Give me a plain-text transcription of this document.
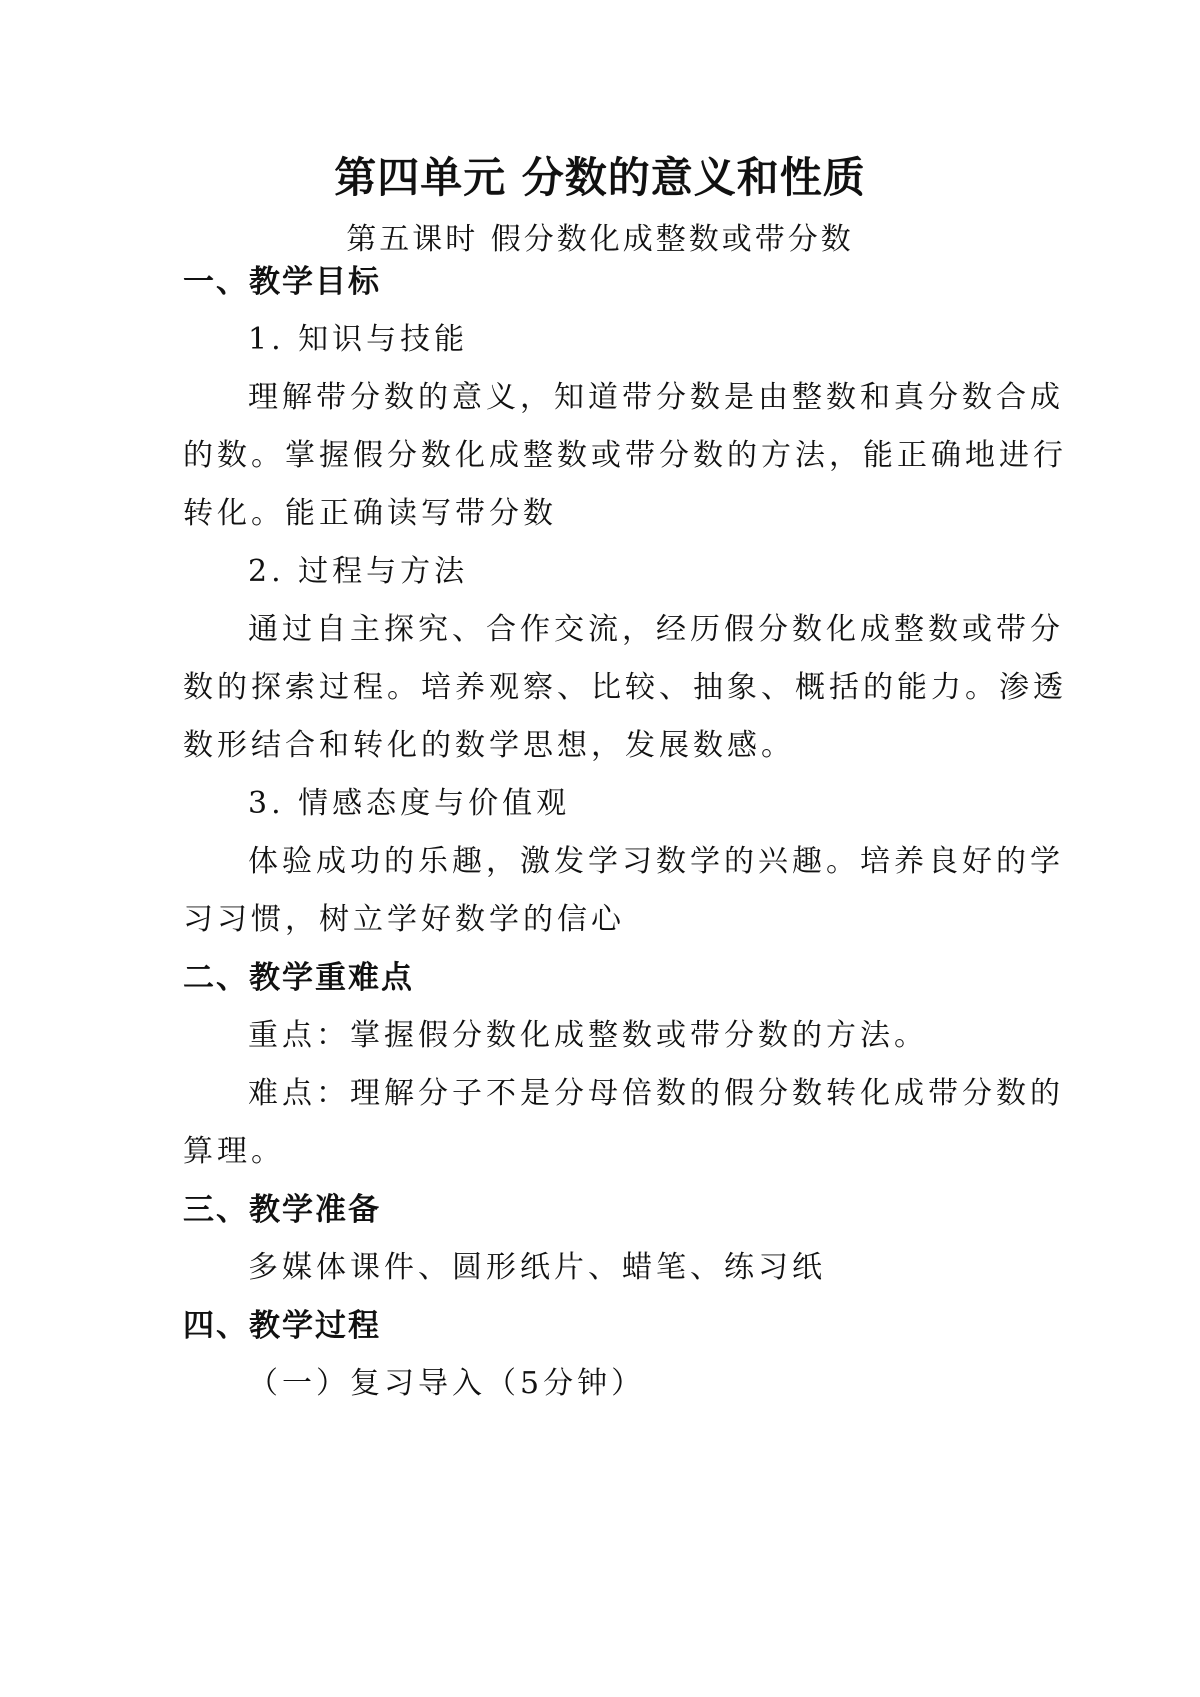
第四单元 分数的意义和性质
第五课时 假分数化成整数或带分数
一、教学目标
1. 知识与技能
理解带分数的意义，知道带分数是由整数和真分数合成
的数。掌握假分数化成整数或带分数的方法，能正确地进行
转化。能正确读写带分数
2. 过程与方法
通过自主探究、合作交流，经历假分数化成整数或带分
数的探索过程。培养观察、比较、抽象、概括的能力。渗透
数形结合和转化的数学思想，发展数感。
3. 情感态度与价值观
体验成功的乐趣，激发学习数学的兴趣。培养良好的学
习习惯，树立学好数学的信心
二、教学重难点
重点：掌握假分数化成整数或带分数的方法。
难点：理解分子不是分母倍数的假分数转化成带分数的
算理。
三、教学准备
多媒体课件、圆形纸片、蜡笔、练习纸
四、教学过程
（一）复习导入（5分钟）
